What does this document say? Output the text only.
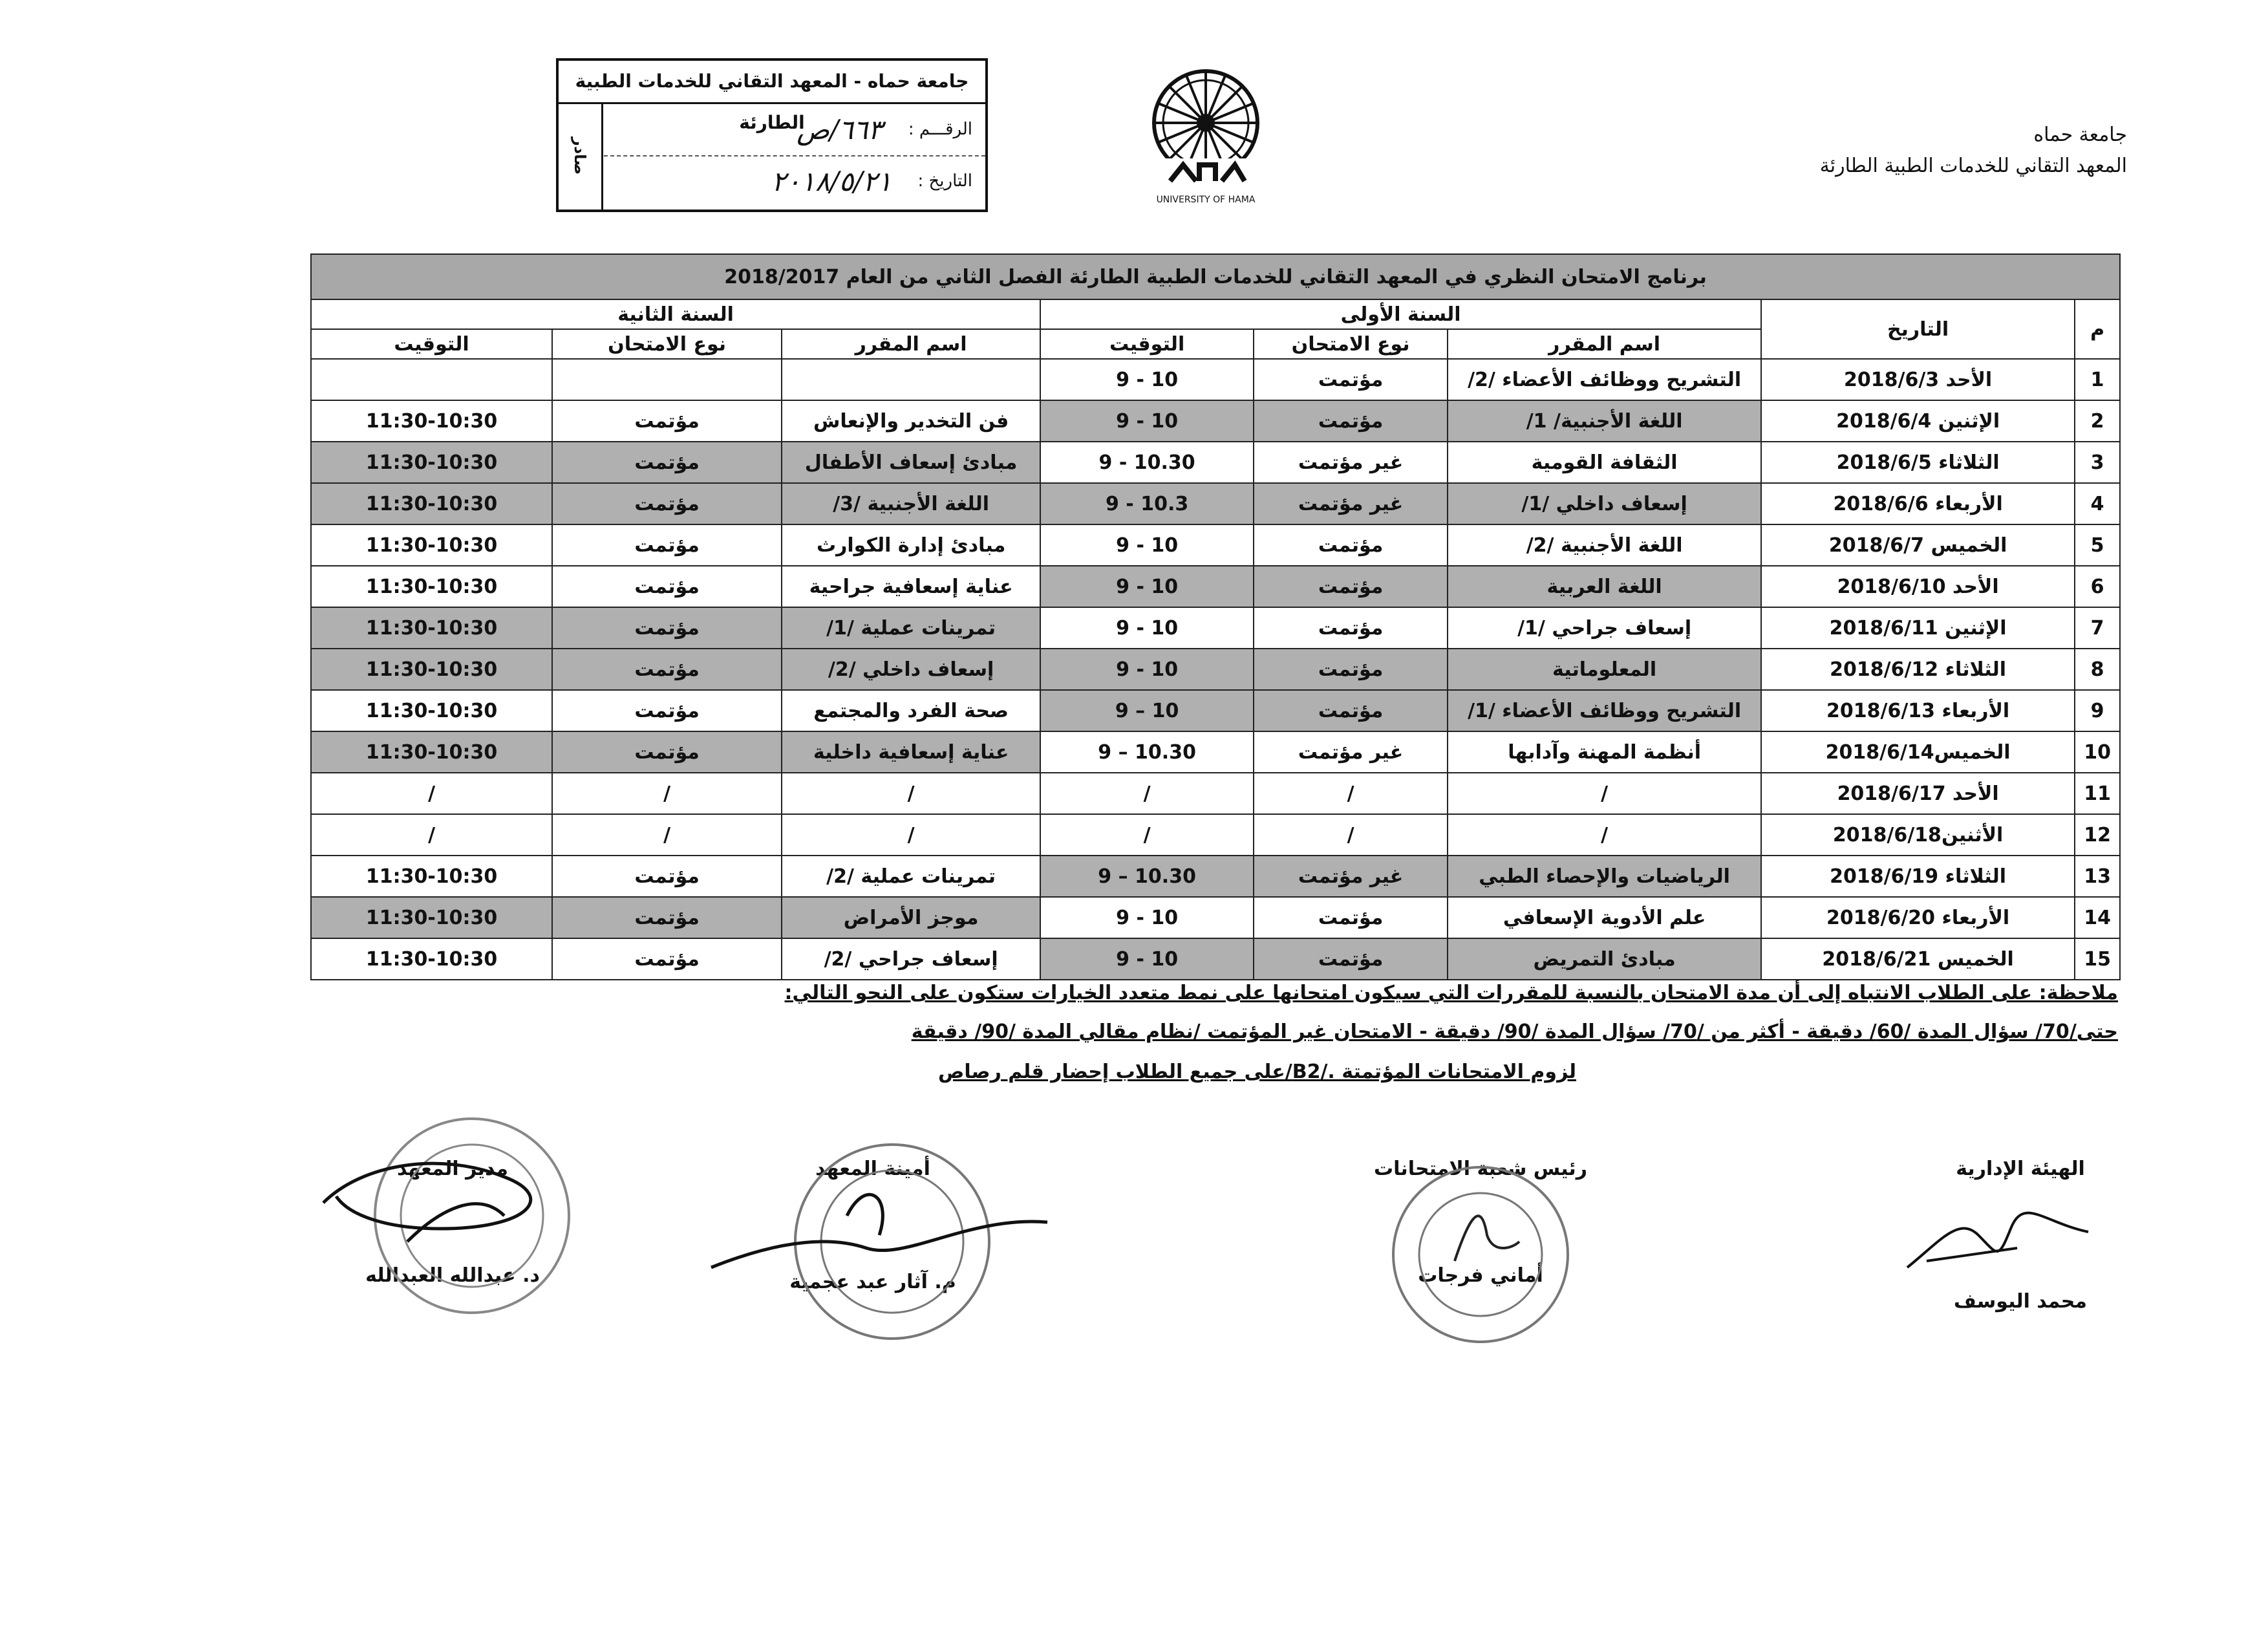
جامعة حماه
المعهد التقاني للخدمات الطبية الطارئة
UNIVERSITY OF HAMA
جامعة حماه - المعهد التقاني للخدمات الطبية الطارئة
صادر
الرقـــم :
٦٦٣/ص
التاريخ :
٢٠١٨/٥/٢١
برنامج الامتحان النظري في المعهد التقاني للخدمات الطبية الطارئة الفصل الثاني من العام 2018/2017							
م	التاريخ	السنة الأولى			السنة الثانية		
		اسم المقرر	نوع الامتحان	التوقيت	اسم المقرر	نوع الامتحان	التوقيت
1	الأحد 2018/6/3	التشريح ووظائف الأعضاء /2/	مؤتمت	9 - 10			
2	الإثنين 2018/6/4	اللغة الأجنبية/ 1/	مؤتمت	9 - 10	فن التخدير والإنعاش	مؤتمت	11:30-10:30
3	الثلاثاء 2018/6/5	الثقافة القومية	غير مؤتمت	9 - 10.30	مبادئ إسعاف الأطفال	مؤتمت	11:30-10:30
4	الأربعاء 2018/6/6	إسعاف داخلي /1/	غير مؤتمت	9 - 10.3	اللغة الأجنبية /3/	مؤتمت	11:30-10:30
5	الخميس 2018/6/7	اللغة الأجنبية /2/	مؤتمت	9 - 10	مبادئ إدارة الكوارث	مؤتمت	11:30-10:30
6	الأحد 2018/6/10	اللغة العربية	مؤتمت	9 - 10	عناية إسعافية جراحية	مؤتمت	11:30-10:30
7	الإثنين 2018/6/11	إسعاف جراحي /1/	مؤتمت	9 - 10	تمرينات عملية /1/	مؤتمت	11:30-10:30
8	الثلاثاء 2018/6/12	المعلوماتية	مؤتمت	9 - 10	إسعاف داخلي /2/	مؤتمت	11:30-10:30
9	الأربعاء 2018/6/13	التشريح ووظائف الأعضاء /1/	مؤتمت	9 – 10	صحة الفرد والمجتمع	مؤتمت	11:30-10:30
10	الخميس2018/6/14	أنظمة المهنة وآدابها	غير مؤتمت	9 – 10.30	عناية إسعافية داخلية	مؤتمت	11:30-10:30
11	الأحد 2018/6/17	/	/	/	/	/	/
12	الأثنين2018/6/18	/	/	/	/	/	/
13	الثلاثاء 2018/6/19	الرياضيات والإحصاء الطبي	غير مؤتمت	9 – 10.30	تمرينات عملية /2/	مؤتمت	11:30-10:30
14	الأربعاء 2018/6/20	علم الأدوية الإسعافي	مؤتمت	9 - 10	موجز الأمراض	مؤتمت	11:30-10:30
15	الخميس 2018/6/21	مبادئ التمريض	مؤتمت	9 - 10	إسعاف جراحي /2/	مؤتمت	11:30-10:30
ملاحظة: على الطلاب الانتباه إلى أن مدة الامتحان بالنسبة للمقررات التي سيكون امتحانها على نمط متعدد الخيارات ستكون على النحو التالي:
حتى/70/ سؤال المدة /60/ دقيقة - أكثر من /70/ سؤال المدة /90/ دقيقة - الامتحان غير المؤتمت /نظام مقالي المدة /90/ دقيقة
لزوم الامتحانات المؤتمتة ./B2/على جميع الطلاب إحضار قلم رصاص
الهيئة الإدارية
محمد اليوسف
رئيس شعبة الامتحانات
أماني فرجات
أمينة المعهد
م. آثار عبد عجمية
مدير المعهد
د. عبدالله العبدالله
